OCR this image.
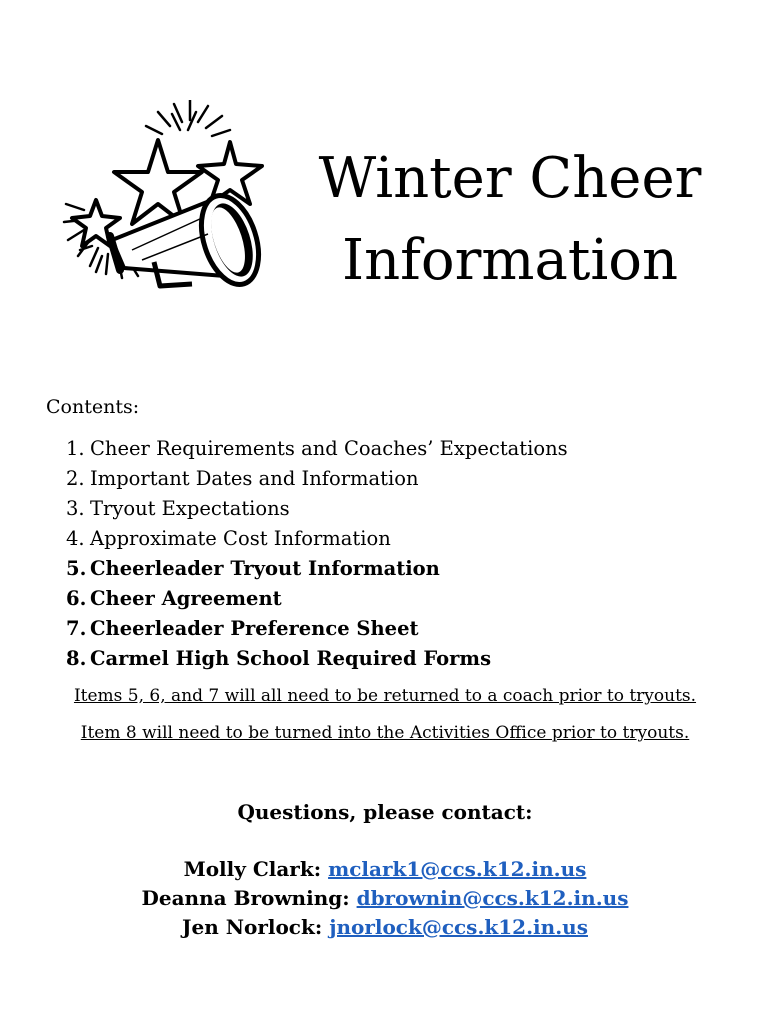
Winter Cheer
Information

Contents:

1. Cheer Requirements and Coaches’ Expectations
2. Important Dates and Information
3. Tryout Expectations
4. Approximate Cost Information
5. Cheerleader Tryout Information
6. Cheer Agreement
7. Cheerleader Preference Sheet
8. Carmel High School Required Forms

Items 5, 6, and 7 will all need to be returned to a coach prior to tryouts.

Item 8 will need to be turned into the Activities Office prior to tryouts.

Questions, please contact:

Molly Clark: mclark1@ccs.k12.in.us
Deanna Browning: dbrownin@ccs.k12.in.us
Jen Norlock: jnorlock@ccs.k12.in.us
